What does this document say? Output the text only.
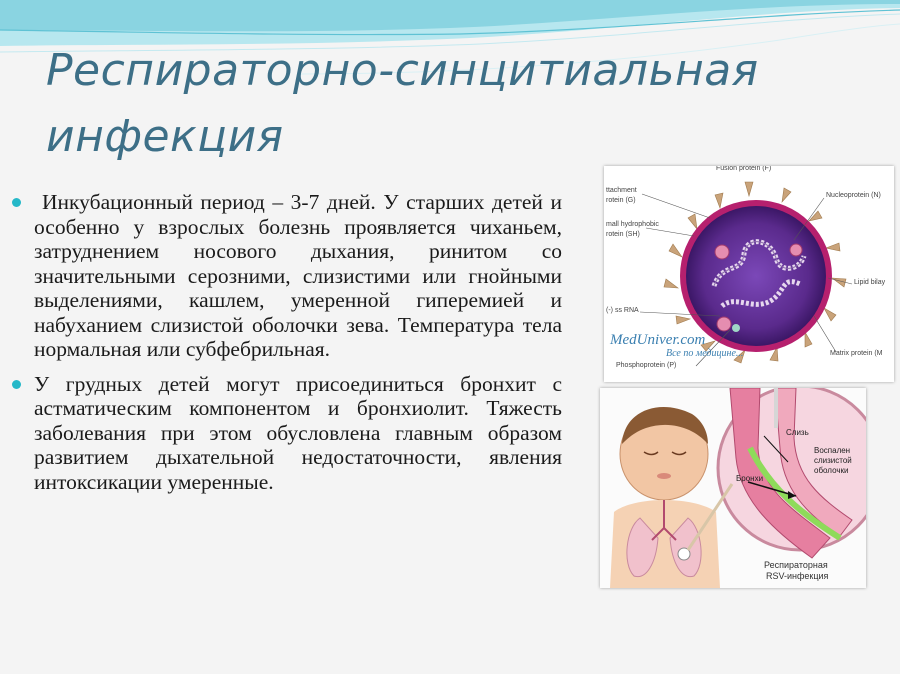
Респираторно-синцитиальная
инфекция
Инкубационный период – 3-7 дней. У старших детей и особенно у взрослых болезнь проявляется чиханьем, затруднением носового дыхания, ринитом со значительными серозними, слизистими или гнойными выделениями, кашлем, умеренной гиперемией и набуханием слизистой оболочки зева. Температура тела нормальная или субфебрильная.
У грудных детей могут присоединиться бронхит с астматическим компонентом и бронхиолит. Тяжесть заболевания при этом обусловлена главным образом развитием дыхательной недостаточности, явления интоксикации умеренные.
Fusion protein (F)
ttachment
rotein (G)
mall hydrophobic
rotein (SH)
(-) ss RNA
Phosphoprotein (P)
Nucleoprotein (N)
Lipid bilay
Matrix protein (M
MedUniver.com
Все по медицине...
Слизь
Воспален
слизистой
оболочки
Бронхи
Респираторная
RSV-инфекция
